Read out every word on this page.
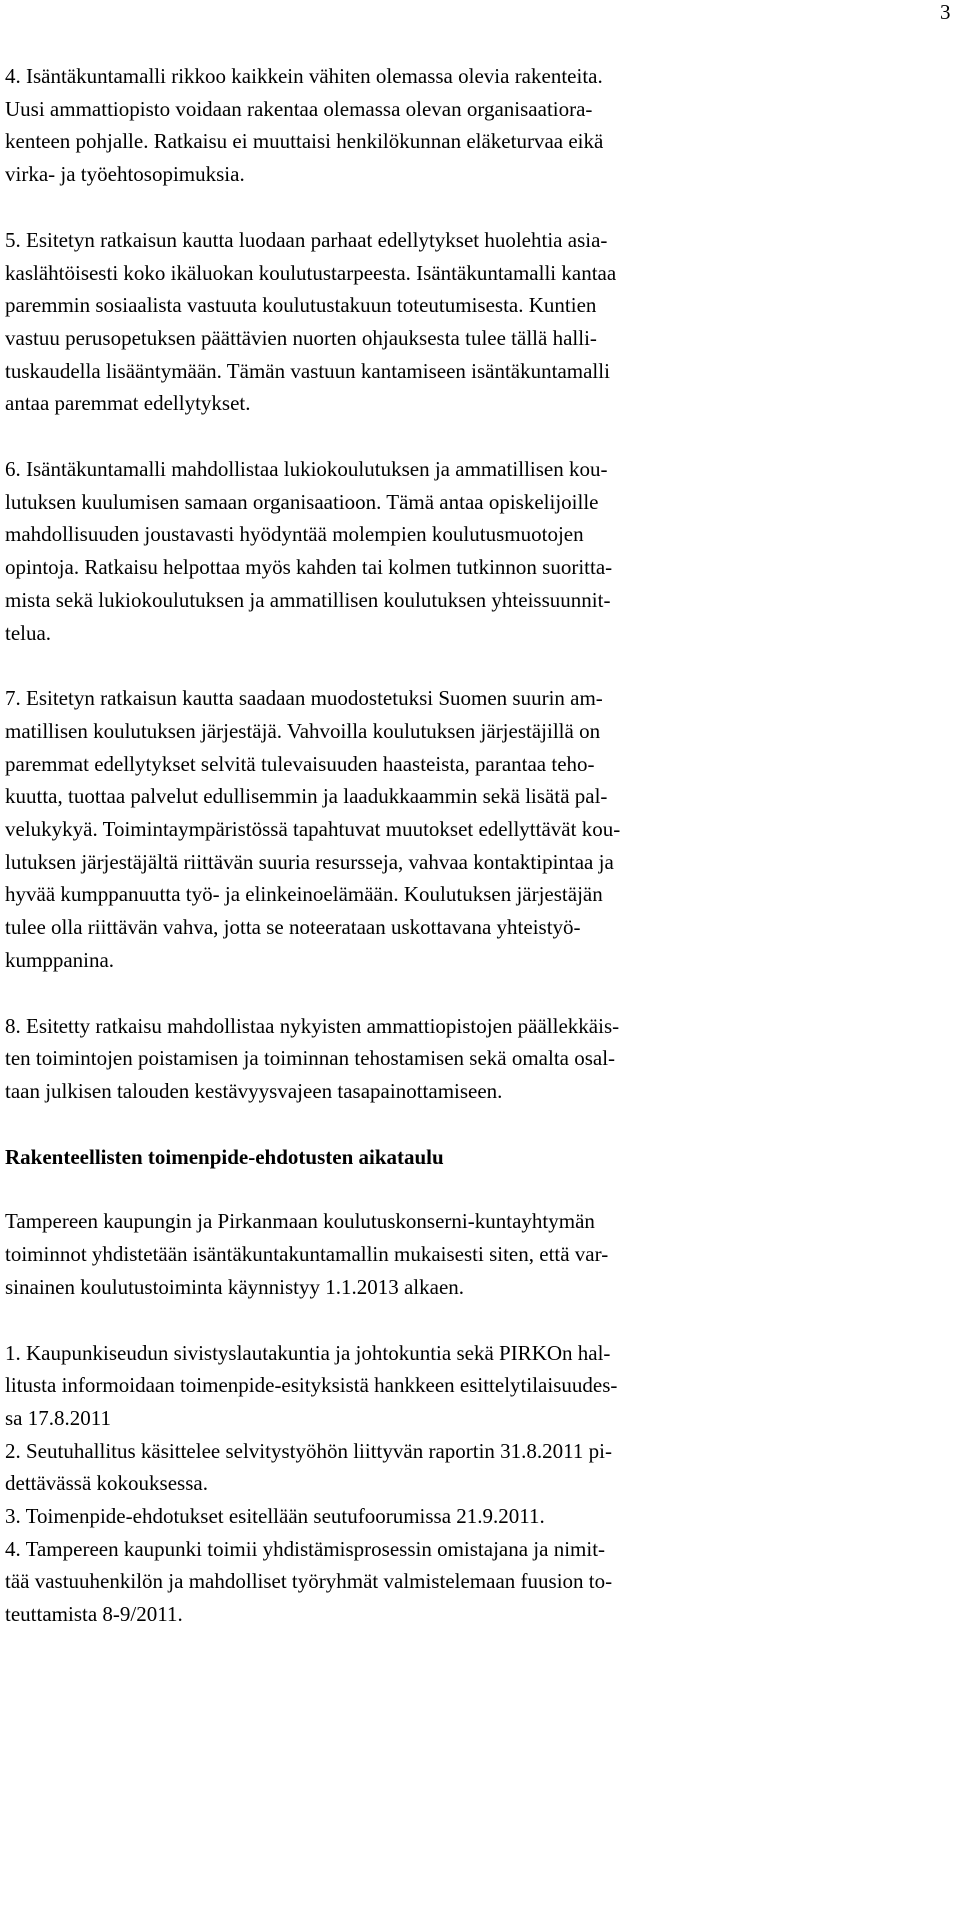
3
4. Isäntäkuntamalli rikkoo kaikkein vähiten olemassa olevia rakenteita.
Uusi ammattiopisto voidaan rakentaa olemassa olevan organisaatiora-
kenteen pohjalle. Ratkaisu ei muuttaisi henkilökunnan eläketurvaa eikä
virka- ja työehtosopimuksia.
5. Esitetyn ratkaisun kautta luodaan parhaat edellytykset huolehtia asia-
kaslähtöisesti koko ikäluokan koulutustarpeesta. Isäntäkuntamalli kantaa
paremmin sosiaalista vastuuta koulutustakuun toteutumisesta. Kuntien
vastuu perusopetuksen päättävien nuorten ohjauksesta tulee tällä halli-
tuskaudella lisääntymään. Tämän vastuun kantamiseen isäntäkuntamalli
antaa paremmat edellytykset.
6. Isäntäkuntamalli mahdollistaa lukiokoulutuksen ja ammatillisen kou-
lutuksen kuulumisen samaan organisaatioon. Tämä antaa opiskelijoille
mahdollisuuden joustavasti hyödyntää molempien koulutusmuotojen
opintoja. Ratkaisu helpottaa myös kahden tai kolmen tutkinnon suoritta-
mista sekä lukiokoulutuksen ja ammatillisen koulutuksen yhteissuunnit-
telua.
7. Esitetyn ratkaisun kautta saadaan muodostetuksi Suomen suurin am-
matillisen koulutuksen järjestäjä. Vahvoilla koulutuksen järjestäjillä on
paremmat edellytykset selvitä tulevaisuuden haasteista, parantaa teho-
kuutta, tuottaa palvelut edullisemmin ja laadukkaammin sekä lisätä pal-
velukykyä. Toimintaympäristössä tapahtuvat muutokset edellyttävät kou-
lutuksen järjestäjältä riittävän suuria resursseja, vahvaa kontaktipintaa ja
hyvää kumppanuutta työ- ja elinkeinoelämään. Koulutuksen järjestäjän
tulee olla riittävän vahva, jotta se noteerataan uskottavana yhteistyö-
kumppanina.
8. Esitetty ratkaisu mahdollistaa nykyisten ammattiopistojen päällekkäis-
ten toimintojen poistamisen ja toiminnan tehostamisen sekä omalta osal-
taan julkisen talouden kestävyysvajeen tasapainottamiseen.
Rakenteellisten toimenpide-ehdotusten aikataulu
Tampereen kaupungin ja Pirkanmaan koulutuskonserni-kuntayhtymän
toiminnot yhdistetään isäntäkuntakuntamallin mukaisesti siten, että var-
sinainen koulutustoiminta käynnistyy 1.1.2013 alkaen.
1. Kaupunkiseudun sivistyslautakuntia ja johtokuntia sekä PIRKOn hal-
litusta informoidaan toimenpide-esityksistä hankkeen esittelytilaisuudes-
sa 17.8.2011
2. Seutuhallitus käsittelee selvitystyöhön liittyvän raportin 31.8.2011 pi-
dettävässä kokouksessa.
3. Toimenpide-ehdotukset esitellään seutufoorumissa 21.9.2011.
4. Tampereen kaupunki toimii yhdistämisprosessin omistajana ja nimit-
tää vastuuhenkilön ja mahdolliset työryhmät valmistelemaan fuusion to-
teuttamista 8-9/2011.
